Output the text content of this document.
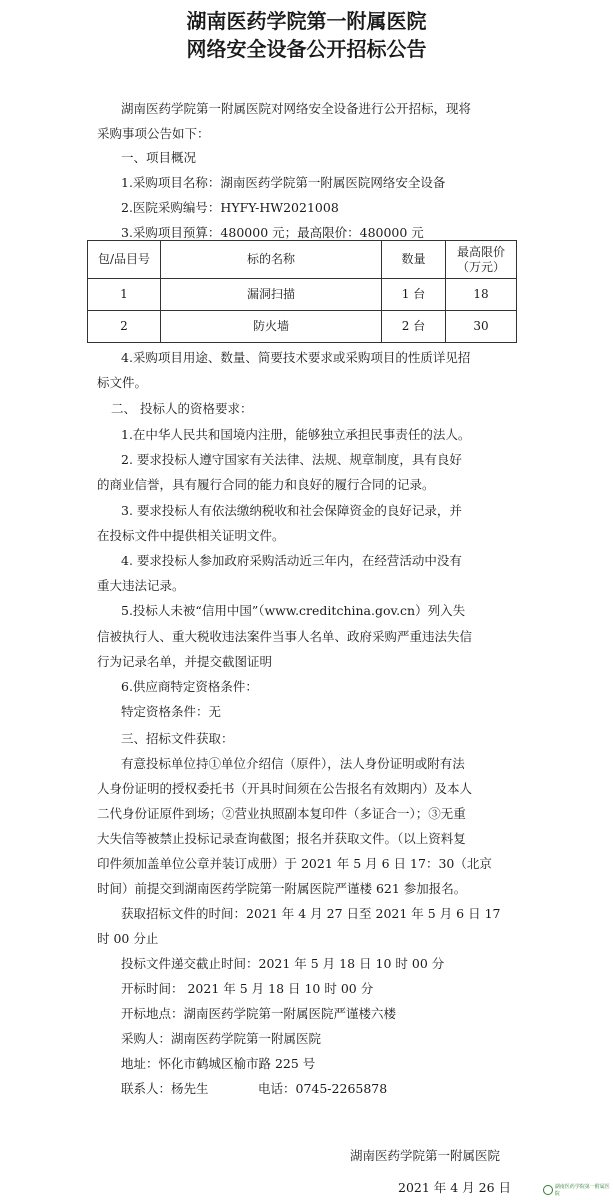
湖南医药学院第一附属医院
网络安全设备公开招标公告
湖南医药学院第一附属医院对网络安全设备进行公开招标，现将
采购事项公告如下：
一、项目概况
1.采购项目名称：湖南医药学院第一附属医院网络安全设备
2.医院采购编号：HYFY-HW2021008
3.采购项目预算：480000 元；最高限价：480000 元
包/品目号	标的名称	数量	最高限价（万元）
1	漏洞扫描	1 台	18
2	防火墙	2 台	30
4.采购项目用途、数量、简要技术要求或采购项目的性质详见招
标文件。
二、 投标人的资格要求：
1.在中华人民共和国境内注册，能够独立承担民事责任的法人。
2. 要求投标人遵守国家有关法律、法规、规章制度，具有良好
的商业信誉，具有履行合同的能力和良好的履行合同的记录。
3. 要求投标人有依法缴纳税收和社会保障资金的良好记录，并
在投标文件中提供相关证明文件。
4. 要求投标人参加政府采购活动近三年内，在经营活动中没有
重大违法记录。
5.投标人未被“信用中国”（www.creditchina.gov.cn）列入失
信被执行人、重大税收违法案件当事人名单、政府采购严重违法失信
行为记录名单，并提交截图证明
6.供应商特定资格条件：
特定资格条件：无
三、招标文件获取：
有意投标单位持①单位介绍信（原件），法人身份证明或附有法
人身份证明的授权委托书（开具时间须在公告报名有效期内）及本人
二代身份证原件到场；②营业执照副本复印件（多证合一）；③无重
大失信等被禁止投标记录查询截图；报名并获取文件。（以上资料复
印件须加盖单位公章并装订成册）于 2021 年 5 月 6 日 17：30（北京
时间）前提交到湖南医药学院第一附属医院严谨楼 621 参加报名。
获取招标文件的时间：2021 年 4 月 27 日至 2021 年 5 月 6 日 17
时 00 分止
投标文件递交截止时间：2021 年 5 月 18 日 10 时 00 分
开标时间： 2021 年 5 月 18 日 10 时 00 分
开标地点：湖南医药学院第一附属医院严谨楼六楼
采购人：湖南医药学院第一附属医院
地址：怀化市鹤城区榆市路 225 号
联系人：杨先生	电话：0745-2265878
湖南医药学院第一附属医院
2021 年 4 月 26 日	湖南医药学院第一附属医院
